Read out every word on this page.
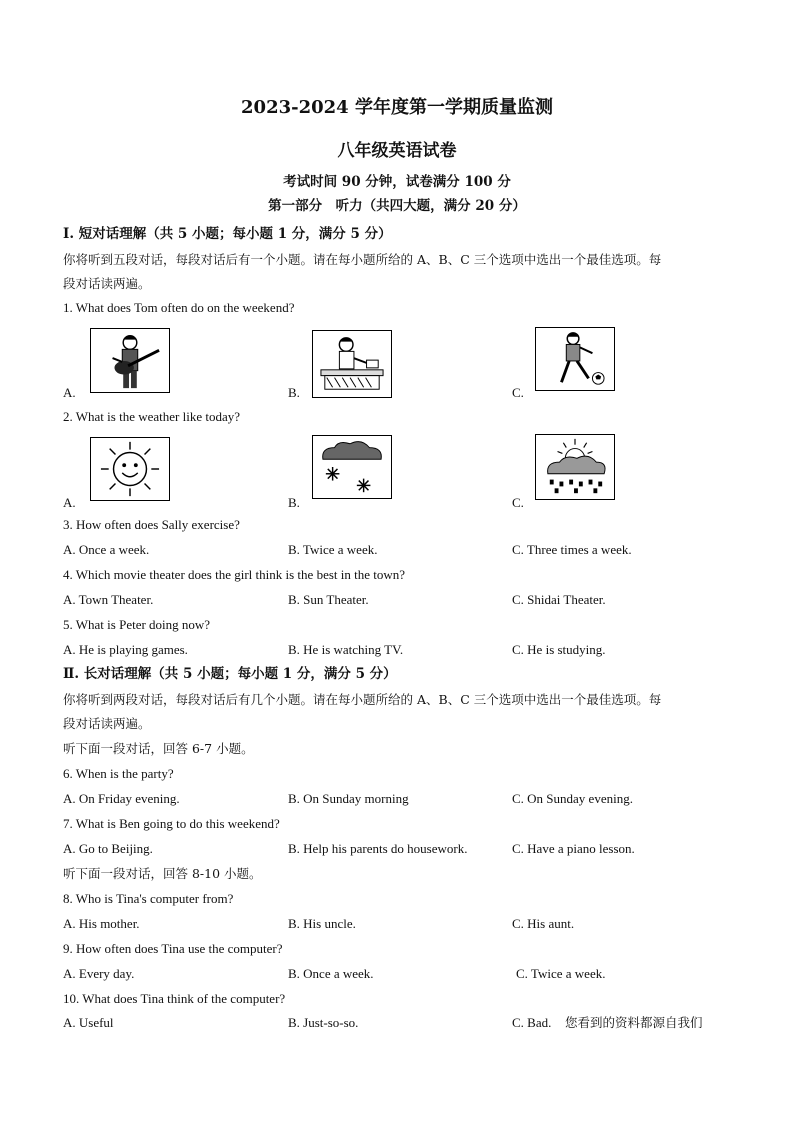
2023-2024 学年度第一学期质量监测
八年级英语试卷
考试时间 90 分钟，试卷满分 100 分
第一部分　听力（共四大题，满分 20 分）
I. 短对话理解（共 5 小题；每小题 1 分，满分 5 分）
你将听到五段对话，每段对话后有一个小题。请在每小题所给的 A、B、C 三个选项中选出一个最佳选项。每
段对话读两遍。
1. What does Tom often do on the weekend?
A.	B.	C.
2. What is the weather like today?
A.	B.	C.
3. How often does Sally exercise?
A. Once a week.	B. Twice a week.	C. Three times a week.
4. Which movie theater does the girl think is the best in the town?
A. Town Theater.	B. Sun Theater.	C. Shidai Theater.
5. What is Peter doing now?
A. He is playing games.	B. He is watching TV.	C. He is studying.
Ⅱ. 长对话理解（共 5 小题；每小题 1 分，满分 5 分）
你将听到两段对话，每段对话后有几个小题。请在每小题所给的 A、B、C 三个选项中选出一个最佳选项。每
段对话读两遍。
听下面一段对话，回答 6-7 小题。
6. When is the party?
A. On Friday evening.	B. On Sunday morning	C. On Sunday evening.
7. What is Ben going to do this weekend?
A. Go to Beijing.	B. Help his parents do housework.	C. Have a piano lesson.
听下面一段对话，回答 8-10 小题。
8. Who is Tina's computer from?
A. His mother.	B. His uncle.	C. His aunt.
9. How often does Tina use the computer?
A. Every day.	B. Once a week.	C. Twice a week.
10. What does Tina think of the computer?
A. Useful	B. Just-so-so.	C. Bad. 您看到的资料都源自我们
